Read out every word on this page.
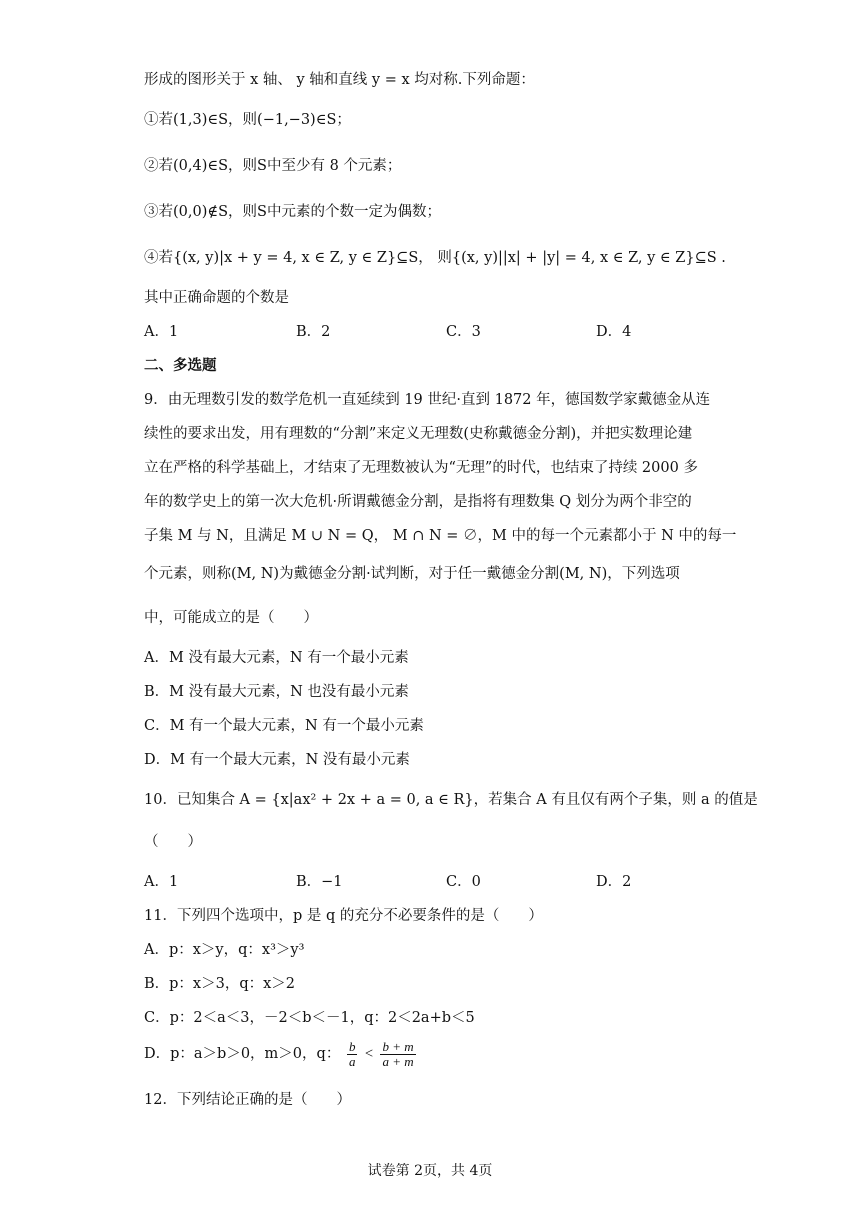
形成的图形关于 x 轴、 y 轴和直线 y = x 均对称.下列命题：
①若(1,3)∈S，则(−1,−3)∈S；
②若(0,4)∈S，则S中至少有 8 个元素；
③若(0,0)∉S，则S中元素的个数一定为偶数；
④若{(x, y)|x + y = 4, x ∈ Z, y ∈ Z}⊆S， 则{(x, y)||x| + |y| = 4, x ∈ Z, y ∈ Z}⊆S .
其中正确命题的个数是
A．1	B．2	C．3	D．4
二、多选题
9．由无理数引发的数学危机一直延续到 19 世纪·直到 1872 年，德国数学家戴德金从连
续性的要求出发，用有理数的“分割”来定义无理数(史称戴德金分割)，并把实数理论建
立在严格的科学基础上，才结束了无理数被认为“无理”的时代，也结束了持续 2000 多
年的数学史上的第一次大危机·所谓戴德金分割，是指将有理数集 Q 划分为两个非空的
子集 M 与 N，且满足 M ∪ N = Q， M ∩ N = ∅，M 中的每一个元素都小于 N 中的每一
个元素，则称(M, N)为戴德金分割·试判断，对于任一戴德金分割(M, N)，下列选项
中，可能成立的是（　　）
A．M 没有最大元素，N 有一个最小元素
B．M 没有最大元素，N 也没有最小元素
C．M 有一个最大元素，N 有一个最小元素
D．M 有一个最大元素，N 没有最小元素
10．已知集合 A = {x|ax² + 2x + a = 0, a ∈ R}，若集合 A 有且仅有两个子集，则 a 的值是
（　　）
A．1	B．−1	C．0	D．2
11．下列四个选项中，p 是 q 的充分不必要条件的是（　　）
A．p：x＞y，q：x³＞y³
B．p：x＞3，q：x＞2
C．p：2＜a＜3，－2＜b＜－1，q：2＜2a+b＜5
D．p：a＞b＞0，m＞0，q： $\frac{b}{a} < \frac{b + m}{a + m}$
12．下列结论正确的是（　　）
试卷第 2页，共 4页
